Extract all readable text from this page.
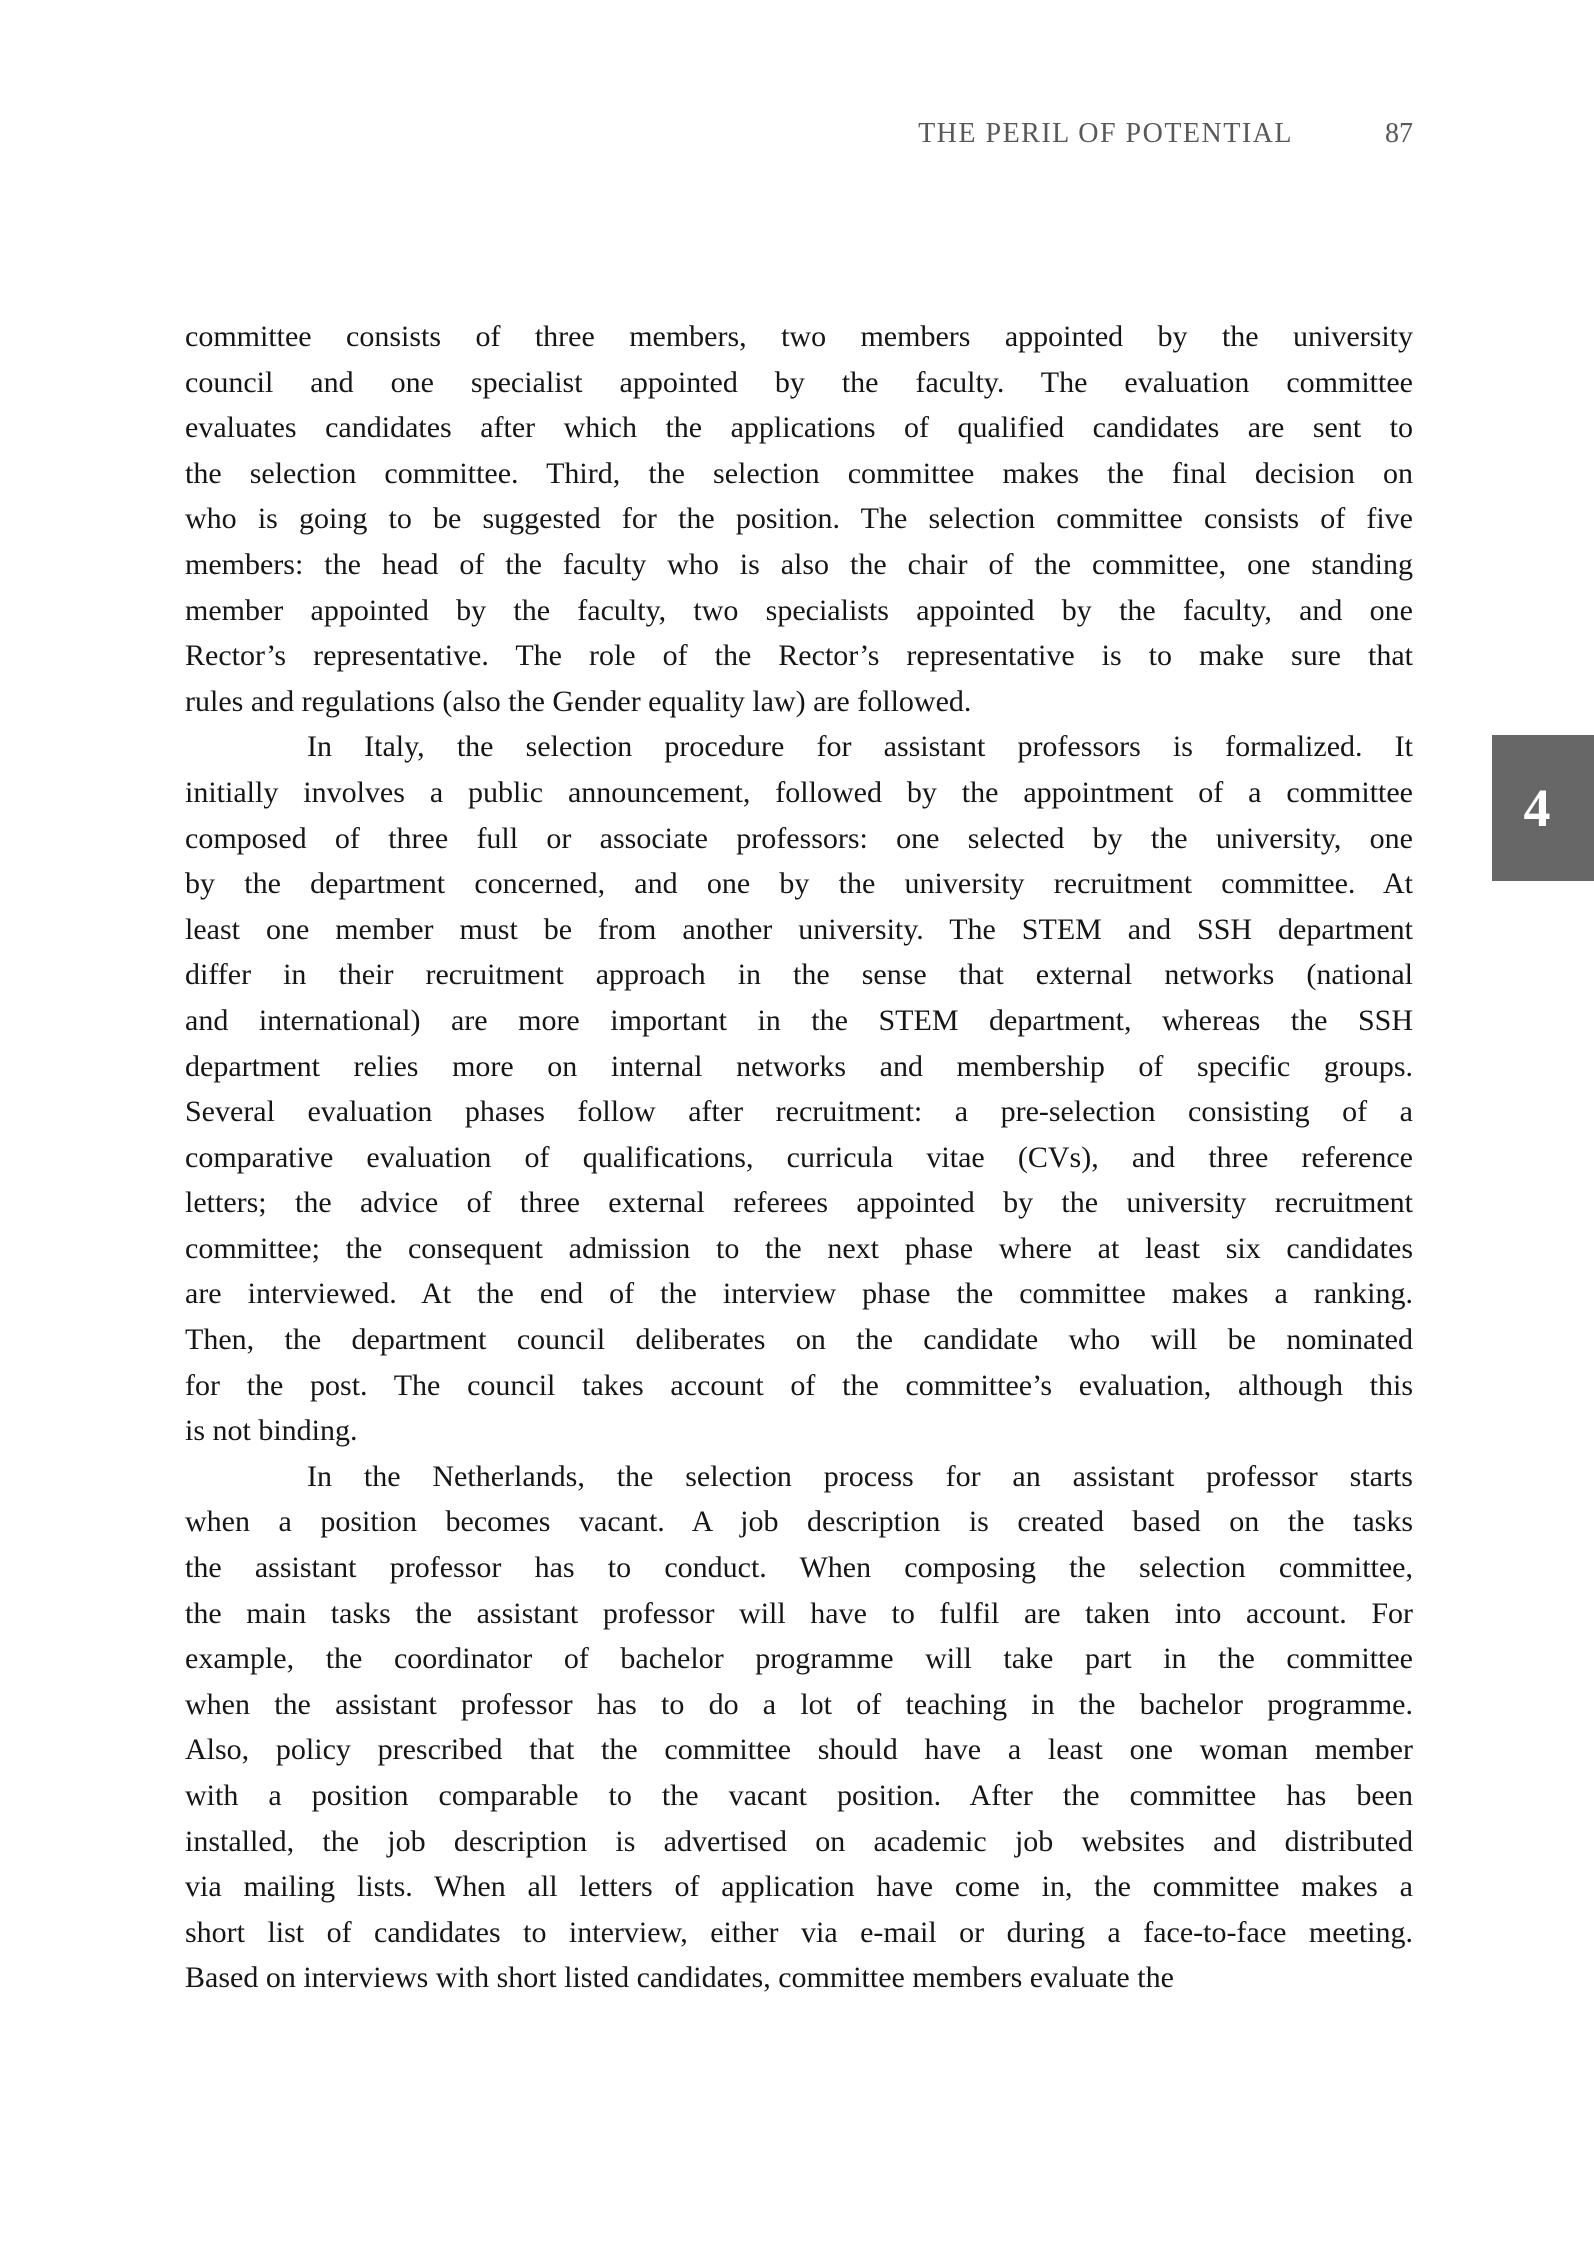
THE PERIL OF POTENTIAL	87
4
committee consists of three members, two members appointed by the university
council and one specialist appointed by the faculty. The evaluation committee
evaluates candidates after which the applications of qualified candidates are sent to
the selection committee. Third, the selection committee makes the final decision on
who is going to be suggested for the position. The selection committee consists of five
members: the head of the faculty who is also the chair of the committee, one standing
member appointed by the faculty, two specialists appointed by the faculty, and one
Rector’s representative. The role of the Rector’s representative is to make sure that
rules and regulations (also the Gender equality law) are followed.
In Italy, the selection procedure for assistant professors is formalized. It
initially involves a public announcement, followed by the appointment of a committee
composed of three full or associate professors: one selected by the university, one
by the department concerned, and one by the university recruitment committee. At
least one member must be from another university. The STEM and SSH department
differ in their recruitment approach in the sense that external networks (national
and international) are more important in the STEM department, whereas the SSH
department relies more on internal networks and membership of specific groups.
Several evaluation phases follow after recruitment: a pre-selection consisting of a
comparative evaluation of qualifications, curricula vitae (CVs), and three reference
letters; the advice of three external referees appointed by the university recruitment
committee; the consequent admission to the next phase where at least six candidates
are interviewed. At the end of the interview phase the committee makes a ranking.
Then, the department council deliberates on the candidate who will be nominated
for the post. The council takes account of the committee’s evaluation, although this
is not binding.
In the Netherlands, the selection process for an assistant professor starts
when a position becomes vacant. A job description is created based on the tasks
the assistant professor has to conduct. When composing the selection committee,
the main tasks the assistant professor will have to fulfil are taken into account. For
example, the coordinator of bachelor programme will take part in the committee
when the assistant professor has to do a lot of teaching in the bachelor programme.
Also, policy prescribed that the committee should have a least one woman member
with a position comparable to the vacant position. After the committee has been
installed, the job description is advertised on academic job websites and distributed
via mailing lists. When all letters of application have come in, the committee makes a
short list of candidates to interview, either via e-mail or during a face-to-face meeting.
Based on interviews with short listed candidates, committee members evaluate the
